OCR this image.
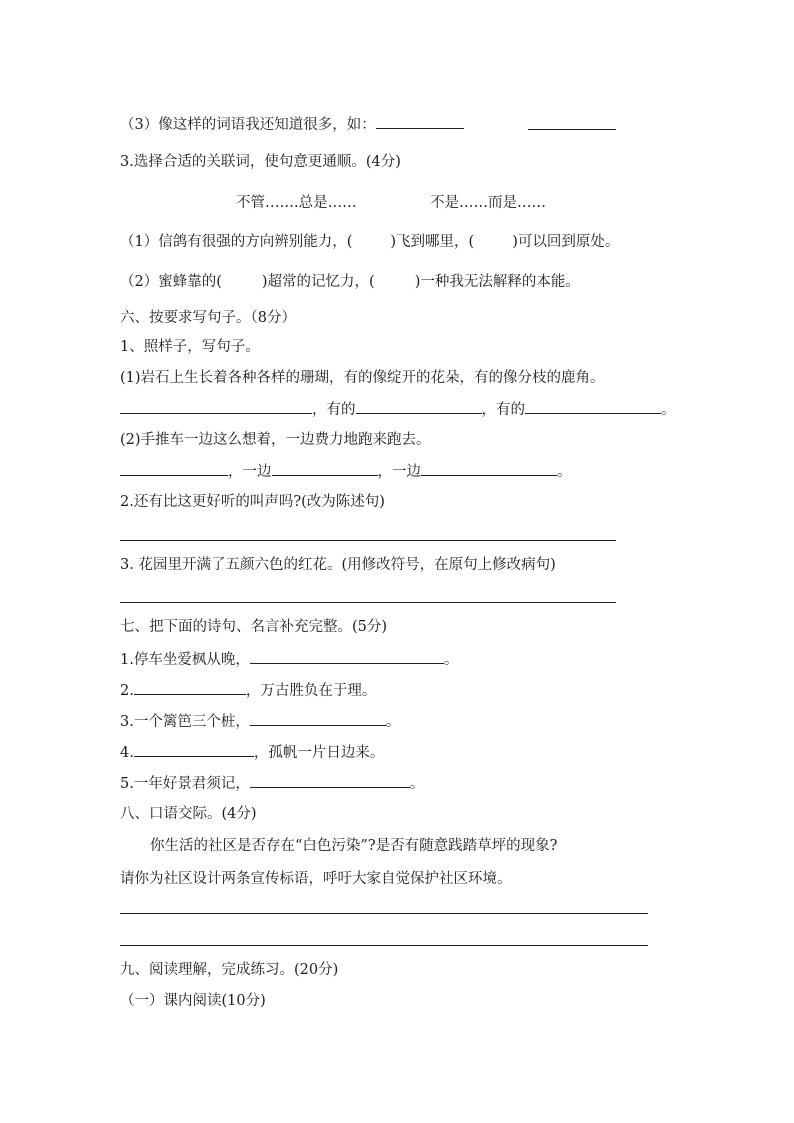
（3）像这样的词语我还知道很多，如：
3.选择合适的关联词，使句意更通顺。(4分)
不管…….总是……	不是……而是……
（1）信鸽有很强的方向辨别能力，(	)飞到哪里，(	)可以回到原处。
（2）蜜蜂靠的(	)超常的记忆力，(	)一种我无法解释的本能。
六、按要求写句子。（8分）
1、照样子，写句子。
(1)岩石上生长着各种各样的珊瑚，有的像绽开的花朵，有的像分枝的鹿角。
，有的	，有的	。
(2)手推车一边这么想着，一边费力地跑来跑去。
，一边	，一边	。
2.还有比这更好听的叫声吗?(改为陈述句)
3. 花园里开满了五颜六色的红花。(用修改符号，在原句上修改病句)
七、把下面的诗句、名言补充完整。(5分)
1.停车坐爱枫从晚，	。
2.	，万古胜负在于理。
3.一个篱笆三个桩，	。
4.	，孤帆一片日边来。
5.一年好景君须记，	。
八、口语交际。(4分)
你生活的社区是否存在“白色污染”?是否有随意践踏草坪的现象?
请你为社区设计两条宣传标语，呼吁大家自觉保护社区环境。
九、阅读理解，完成练习。(20分)
（一）课内阅读(10分)
